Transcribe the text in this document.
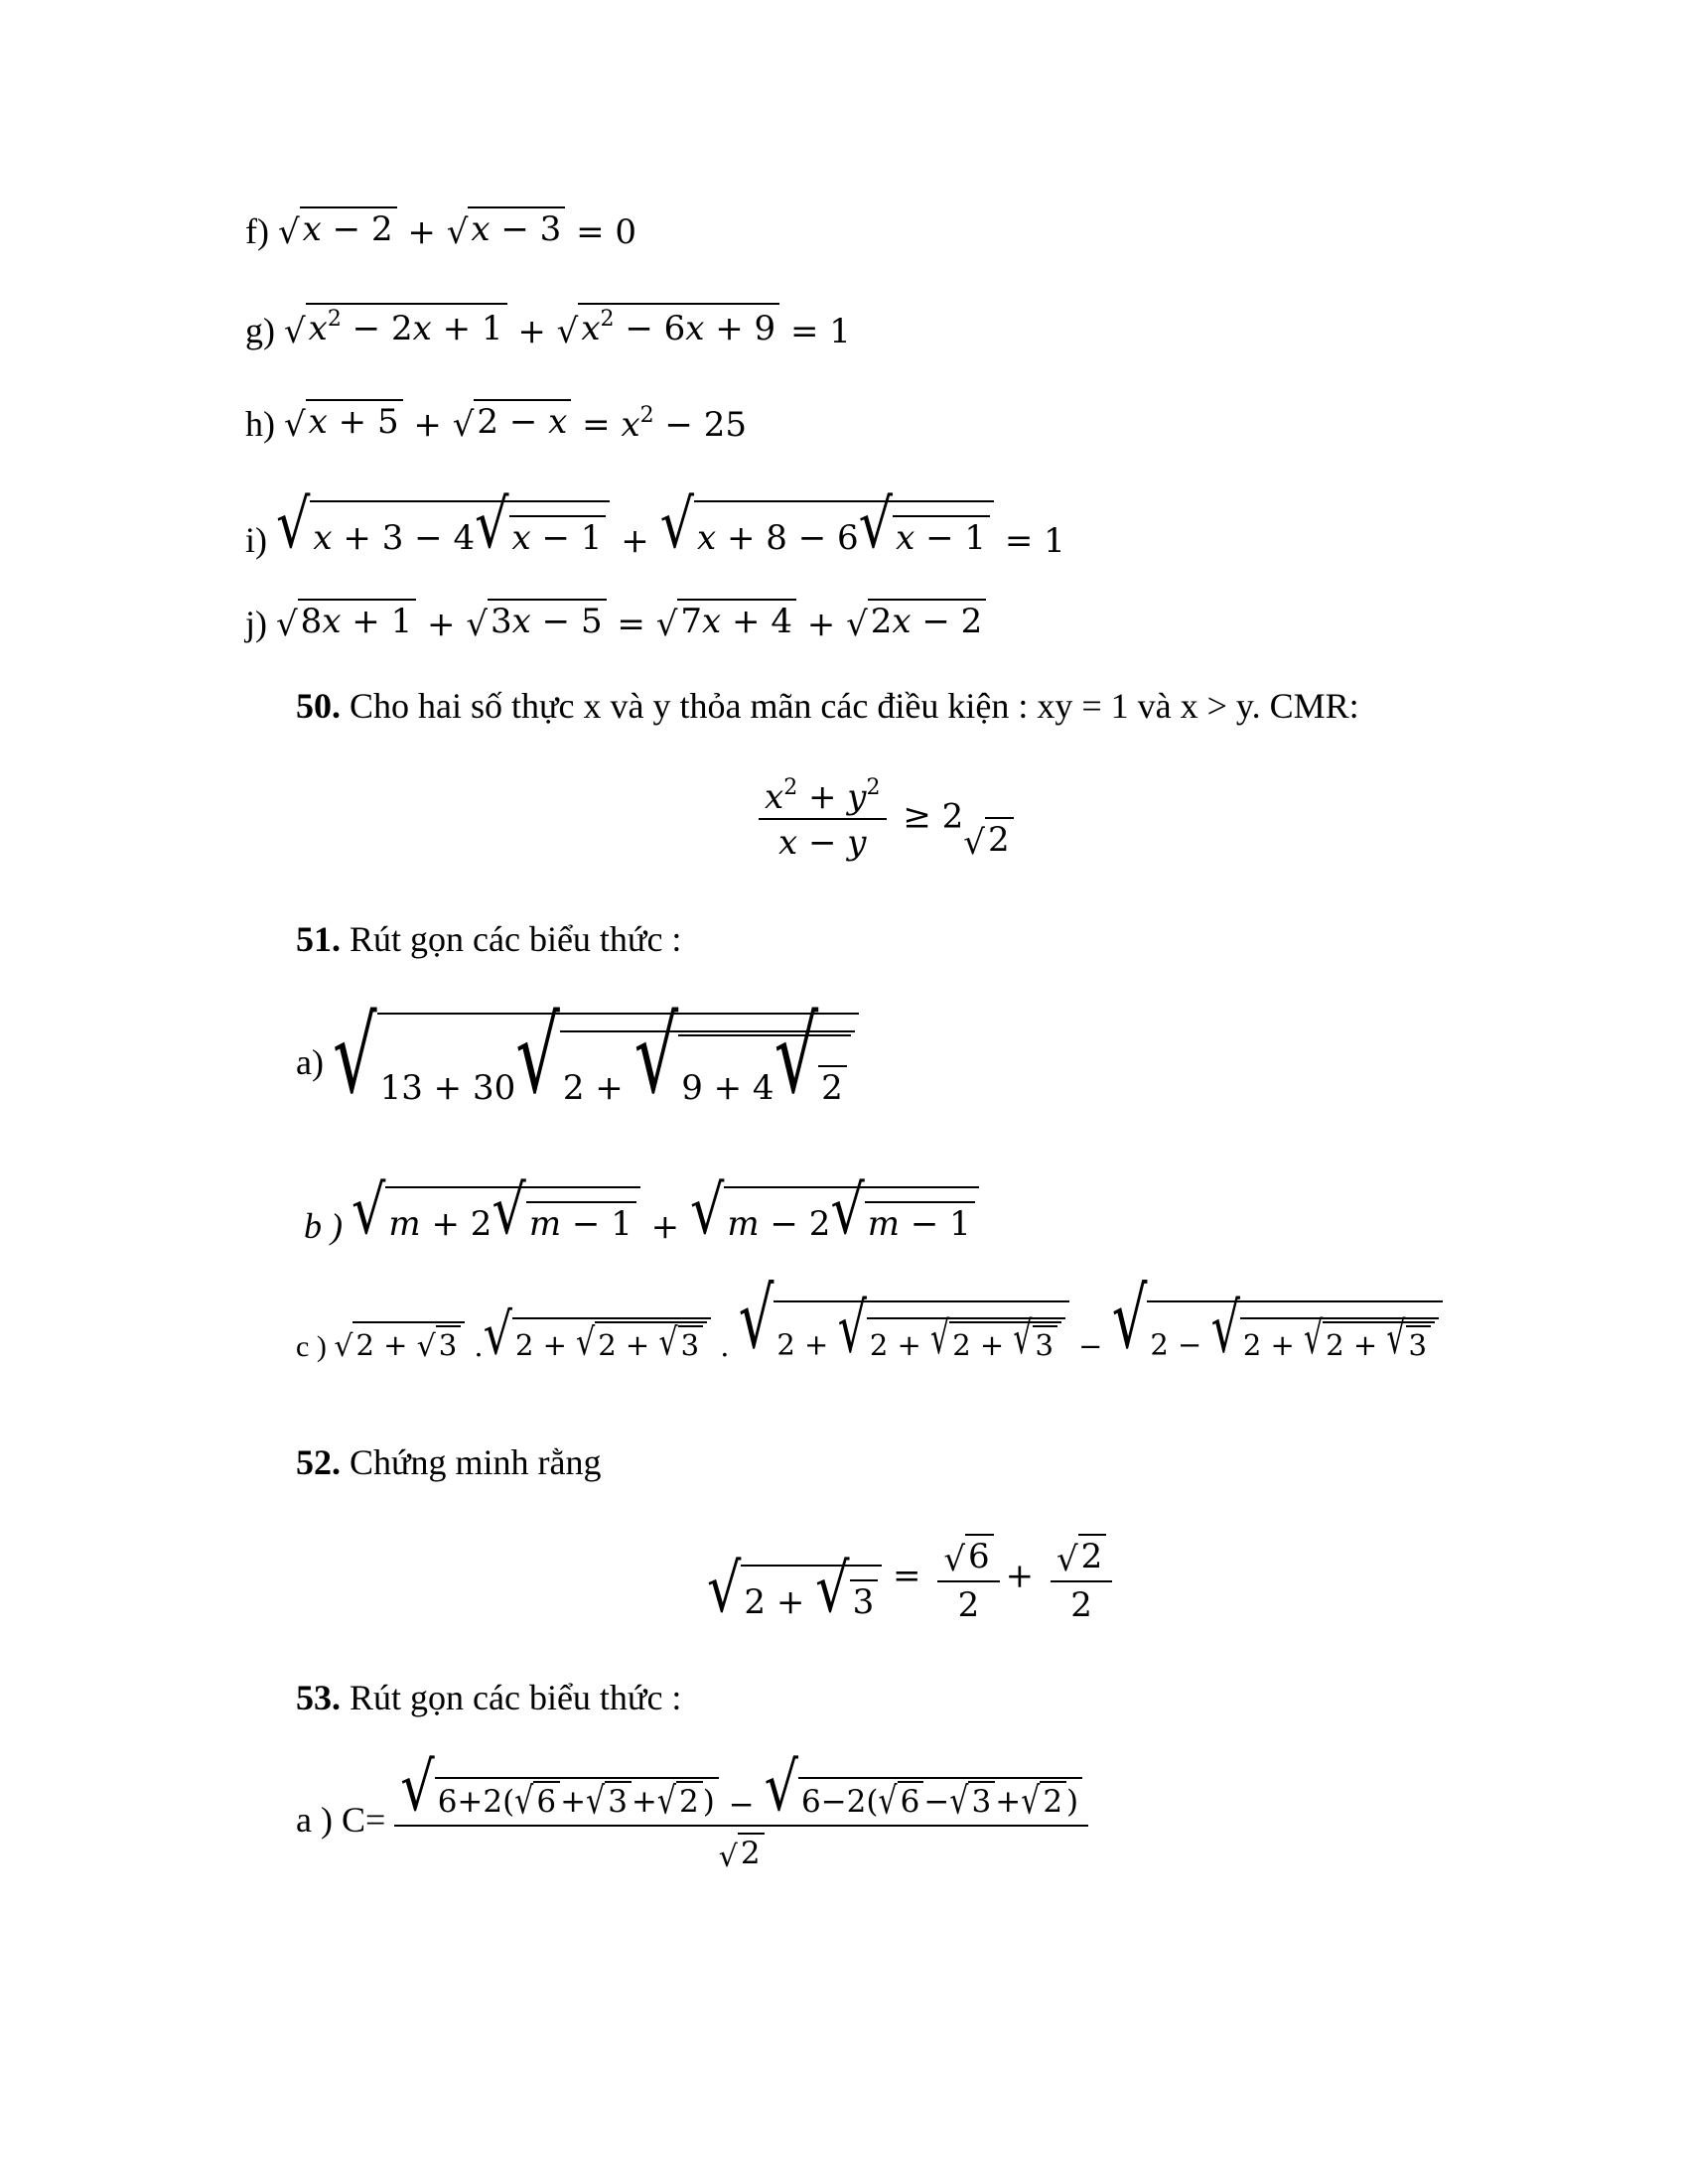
f) √ x − 2 + √ x − 3 = 0
g) √ $x^2 - 2x + 1$ + √ $x^2 - 6x + 9 = 1$
h) √ x + 5 + √ $2 - x = x^2 - 25$
i) √ x + 3 − 4 √ x − 1 + √ x + 8 − 6 √ x − 1 = 1
j) √ 8x + 1 + √ 3x − 5 = √ 7x + 4 + √ 2x − 2
50. Cho hai số thực x và y thỏa mãn các điều kiện : xy = 1 và x > y. CMR:
$\frac{x^2 + y^2}{x - y} \ge 2$
√ 2
51. Rút gọn các biểu thức :
a) √ 13 + 30 √ 2 + √ 9 + 4 √ 2
b ) √ m + 2 √ m − 1 + √ m − 2 √ m − 1
c ) √ 2 + √ 3 . √ 2 + √ 2 + √ 3 . √ 2 + √ 2 + √ 2 + √ 3 − √ 2 − √ 2 + √ 2 + √ 3
52. Chứng minh rằng
√ 2 + √ 3
= $\frac{√ 6}{2} + \frac{√ 2}{2}$
53. Rút gọn các biểu thức :
a ) $C= \frac{√ 6+2( √ 6 + √ 3 + √ 2 ) - √ 6-2( √ 6 - √ 3 + √ 2 )}{√ 2}$
